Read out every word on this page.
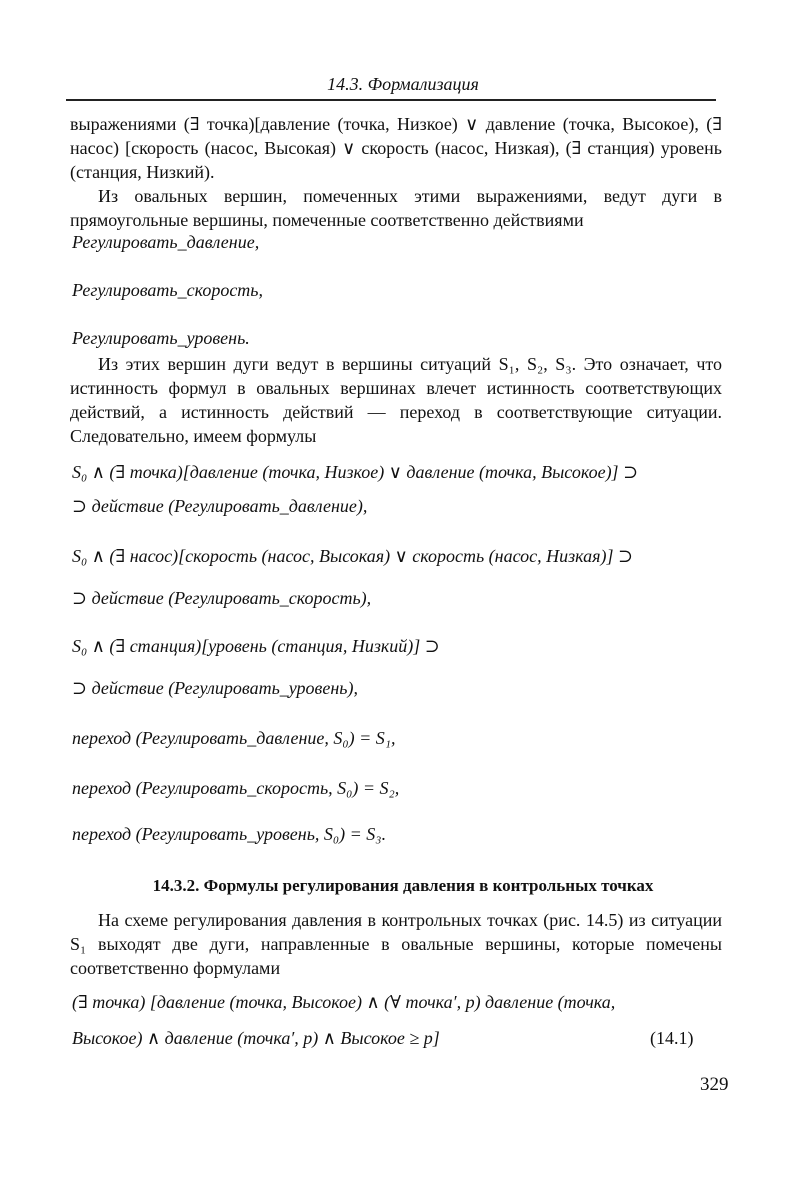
14.3. Формализация

выражениями (∃ точка)[давление (точка, Низкое) ∨ давление (точка, Высокое), (∃ насос) [скорость (насос, Высокая) ∨ скорость (насос, Низкая), (∃ станция) уровень (станция, Низкий).

Из овальных вершин, помеченных этими выражениями, ведут дуги в прямоугольные вершины, помеченные соответственно действиями

Регулировать_давление,
Регулировать_скорость,
Регулировать_уровень.

Из этих вершин дуги ведут в вершины ситуаций S₁, S₂, S₃. Это означает, что истинность формул в овальных вершинах влечет истинность соответствующих действий, а истинность действий — переход в соответствующие ситуации. Следовательно, имеем формулы

S₀ ∧ (∃ точка)[давление (точка, Низкое) ∨ давление (точка, Высокое)] ⊃
⊃ действие (Регулировать_давление),
S₀ ∧ (∃ насос)[скорость (насос, Высокая) ∨ скорость (насос, Низкая)] ⊃
⊃ действие (Регулировать_скорость),
S₀ ∧ (∃ станция)[уровень (станция, Низкий)] ⊃
⊃ действие (Регулировать_уровень),
переход (Регулировать_давление, S₀) = S₁,
переход (Регулировать_скорость, S₀) = S₂,
переход (Регулировать_уровень, S₀) = S₃.
14.3.2. Формулы регулирования давления в контрольных точках

На схеме регулирования давления в контрольных точках (рис. 14.5) из ситуации S₁ выходят две дуги, направленные в овальные вершины, которые помечены соответственно формулами

(∃ точка) [давление (точка, Высокое) ∧ (∀ точка′, p) давление (точка,
Высокое) ∧ давление (точка′, p) ∧ Высокое ≥ p]	(14.1)
329
